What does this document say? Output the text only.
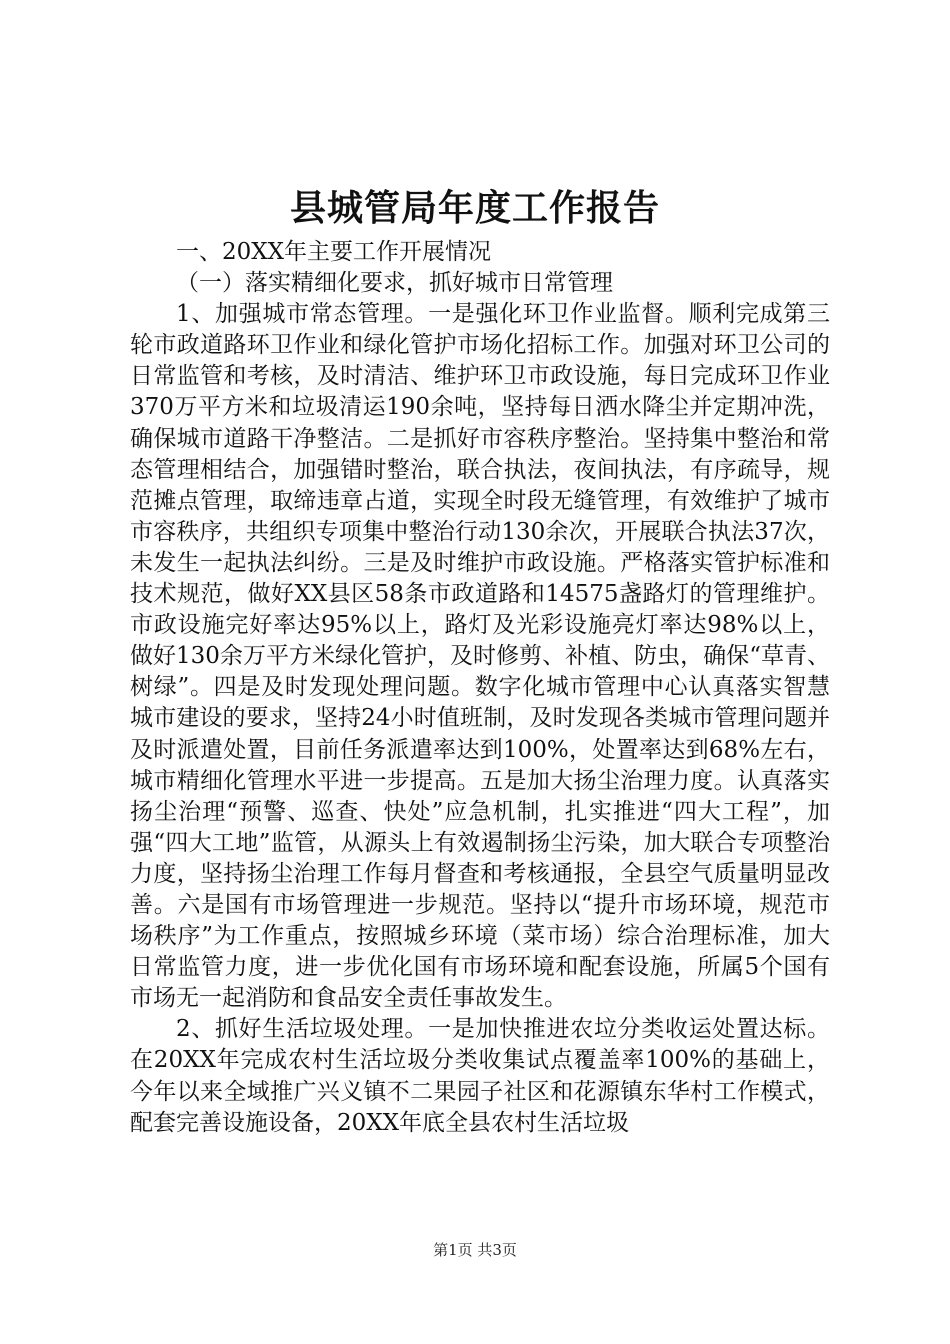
县城管局年度工作报告

一、20XX年主要工作开展情况

（一）落实精细化要求，抓好城市日常管理

1、加强城市常态管理。一是强化环卫作业监督。顺利完成第三轮市政道路环卫作业和绿化管护市场化招标工作。加强对环卫公司的日常监管和考核，及时清洁、维护环卫市政设施，每日完成环卫作业370万平方米和垃圾清运190余吨，坚持每日洒水降尘并定期冲洗，确保城市道路干净整洁。二是抓好市容秩序整治。坚持集中整治和常态管理相结合，加强错时整治，联合执法，夜间执法，有序疏导，规范摊点管理，取缔违章占道，实现全时段无缝管理，有效维护了城市市容秩序，共组织专项集中整治行动130余次，开展联合执法37次，未发生一起执法纠纷。三是及时维护市政设施。严格落实管护标准和技术规范，做好XX县区58条市政道路和14575盏路灯的管理维护。市政设施完好率达95%以上，路灯及光彩设施亮灯率达98%以上，做好130余万平方米绿化管护，及时修剪、补植、防虫，确保“草青、树绿”。四是及时发现处理问题。数字化城市管理中心认真落实智慧城市建设的要求，坚持24小时值班制，及时发现各类城市管理问题并及时派遣处置，目前任务派遣率达到100%，处置率达到68%左右，城市精细化管理水平进一步提高。五是加大扬尘治理力度。认真落实扬尘治理“预警、巡查、快处”应急机制，扎实推进“四大工程”，加强“四大工地”监管，从源头上有效遏制扬尘污染，加大联合专项整治力度，坚持扬尘治理工作每月督查和考核通报，全县空气质量明显改善。六是国有市场管理进一步规范。坚持以“提升市场环境，规范市场秩序”为工作重点，按照城乡环境（菜市场）综合治理标准，加大日常监管力度，进一步优化国有市场环境和配套设施，所属5个国有市场无一起消防和食品安全责任事故发生。

2、抓好生活垃圾处理。一是加快推进农垃分类收运处置达标。在20XX年完成农村生活垃圾分类收集试点覆盖率100%的基础上，今年以来全域推广兴义镇不二果园子社区和花源镇东华村工作模式，配套完善设施设备，20XX年底全县农村生活垃圾

第1页 共3页
